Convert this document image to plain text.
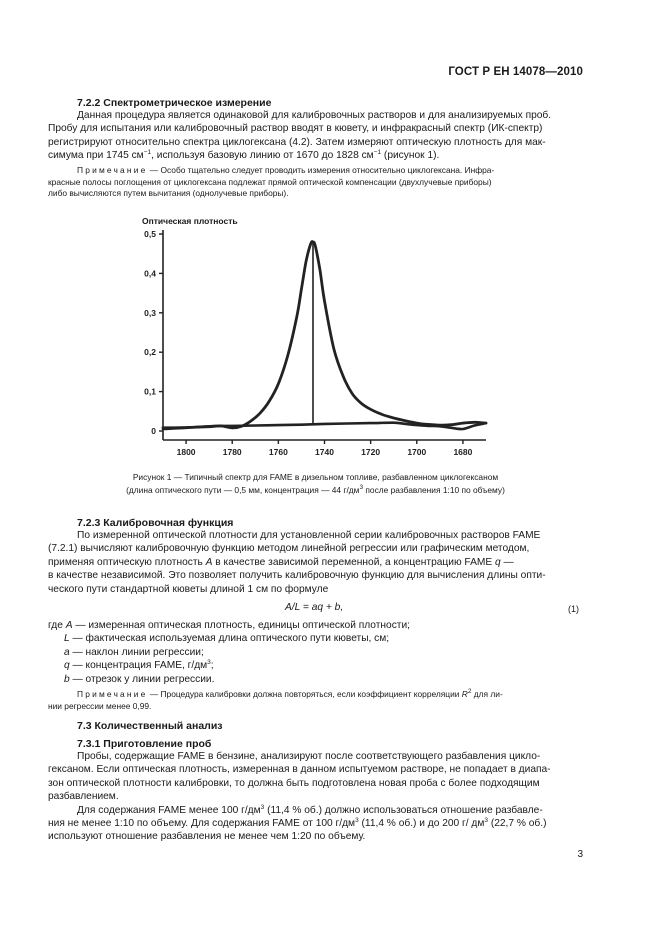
ГОСТ Р ЕН 14078—2010
7.2.2 Спектрометрическое измерение
Данная процедура является одинаковой для калибровочных растворов и для анализируемых проб.
Пробу для испытания или калибровочный раствор вводят в кювету, и инфракрасный спектр (ИК-спектр)
регистрируют относительно спектра циклогексана (4.2). Затем измеряют оптическую плотность для мак-
симума при 1745 $см^{-1}$, используя базовую линию от 1670 до 1828 $см^{-1}$ (рисунок 1).
Примечание — Особо тщательно следует проводить измерения относительно циклогексана. Инфра-
красные полосы поглощения от циклогексана подлежат прямой оптической компенсации (двухлучевые приборы)
либо вычисляются путем вычитания (однолучевые приборы).
Оптическая плотность
0
0,1
0,2
0,3
0,4
0,5
1800	1780	1760	1740	1720	1700	1680
Рисунок 1 — Типичный спектр для FAME в дизельном топливе, разбавленном циклогексаном
(длина оптического пути — 0,5 мм, концентрация — 44 $г/дм^3$ после разбавления 1:10 по объему)
7.2.3 Калибровочная функция
По измеренной оптической плотности для установленной серии калибровочных растворов FAME
(7.2.1) вычисляют калибровочную функцию методом линейной регрессии или графическим методом,
применяя оптическую плотность A в качестве зависимой переменной, а концентрацию FAME q —
в качестве независимой. Это позволяет получить калибровочную функцию для вычисления длины опти-
ческого пути стандартной кюветы длиной 1 см по формуле
A/L = aq + b,	(1)
где A — измеренная оптическая плотность, единицы оптической плотности;
L — фактическая используемая длина оптического пути кюветы, см;
a — наклон линии регрессии;
q — концентрация FAME, $г/дм^3$;
b — отрезок у линии регрессии.
Примечание — Процедура калибровки должна повторяться, если коэффициент корреляции $R^2$ для ли-
нии регрессии менее 0,99.
7.3 Количественный анализ
7.3.1 Приготовление проб
Пробы, содержащие FAME в бензине, анализируют после соответствующего разбавления цикло-
гексаном. Если оптическая плотность, измеренная в данном испытуемом растворе, не попадает в диапа-
зон оптической плотности калибровки, то должна быть подготовлена новая проба с более подходящим
разбавлением.
Для содержания FAME менее 100 $г/дм^3$ (11,4 % об.) должно использоваться отношение разбавле-
ния не менее 1:10 по объему. Для содержания FAME от 100 $г/дм^3$ (11,4 % об.) и до 200 г/ $дм^3$ (22,7 % об.)
используют отношение разбавления не менее чем 1:20 по объему.
3
